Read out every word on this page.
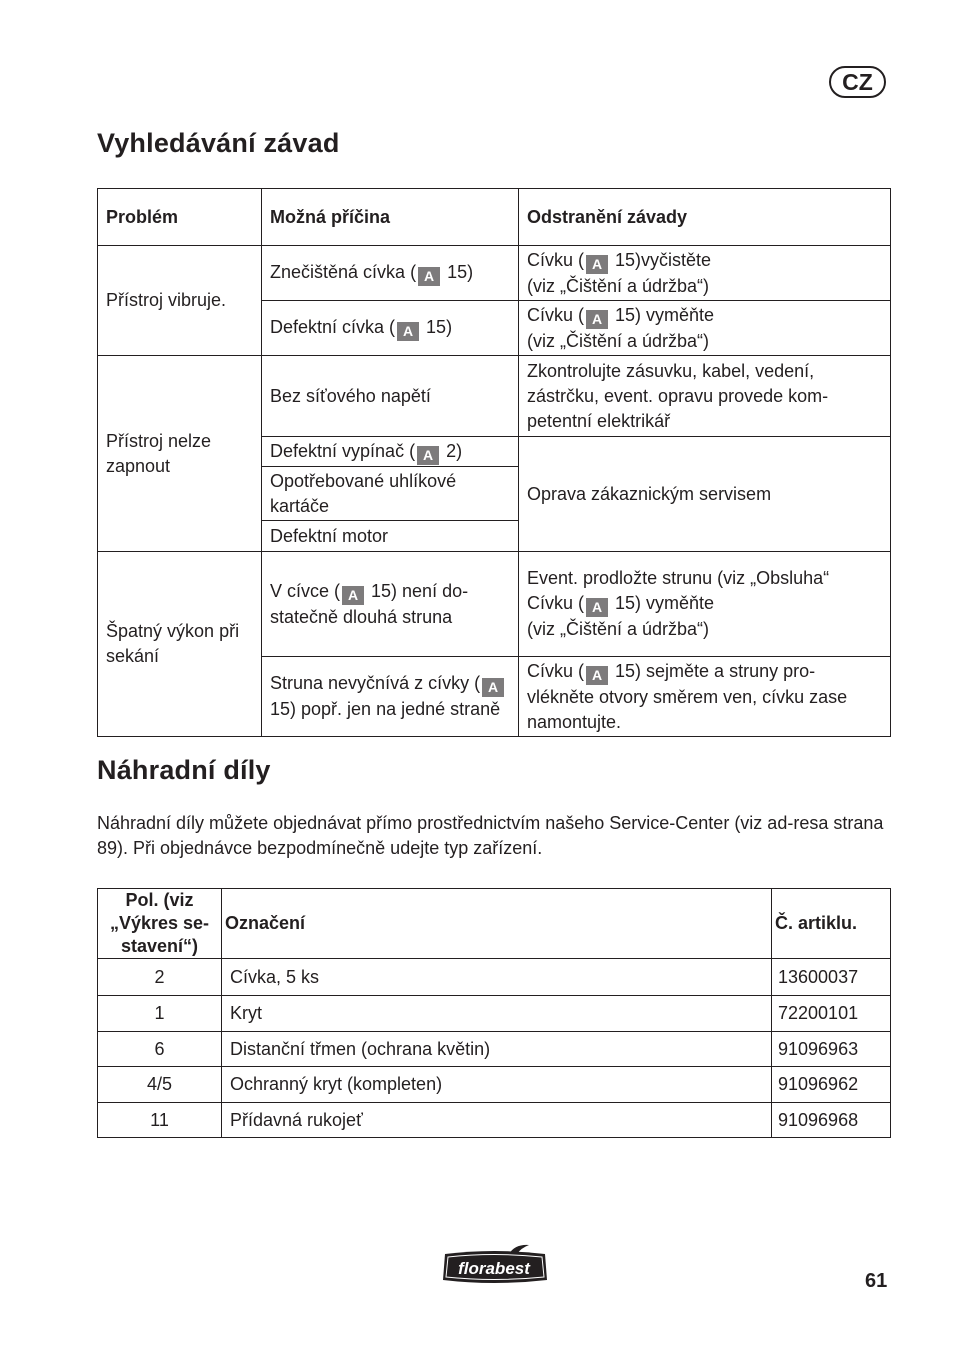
CZ
Vyhledávání závad
Problém	Možná příčina	Odstranění závady
Přístroj vibruje.	Znečištěná cívka ( A 15)	Cívku ( A 15)vyčistěte
(viz „Čištění a údržba“)
	Defektní cívka ( A 15)	Cívku ( A 15) vyměňte
(viz „Čištění a údržba“)
Přístroj nelze zapnout	Bez síťového napětí	Zkontrolujte zásuvku, kabel, vedení, zástrčku, event. opravu provede kom-petentní elektrikář
	Defektní vypínač ( A 2)	Oprava zákaznickým servisem
	Opotřebované uhlíkové kartáče	
	Defektní motor	
Špatný výkon při sekání	V cívce ( A 15) není do-statečně dlouhá struna	Event. prodložte strunu (viz „Obsluha“
Cívku ( A 15) vyměňte
(viz „Čištění a údržba“)
	Struna nevyčnívá z cívky ( A 15) popř. jen na jedné straně	Cívku ( A 15) sejměte a struny pro-vlékněte otvory směrem ven, cívku zase namontujte.
Náhradní díly

Náhradní díly můžete objednávat přímo prostřednictvím našeho Service-Center (viz ad-resa strana 89). Při objednávce bezpodmínečně udejte typ zařízení.

Pol. (viz „Výkres se-stavení“)	Označení	Č. artiklu.
2	Cívka, 5 ks	13600037
1	Kryt	72200101
6	Distanční třmen (ochrana květin)	91096963
4/5	Ochranný kryt (kompleten)	91096962
11	Přídavná rukojeť	91096968
florabest
61
